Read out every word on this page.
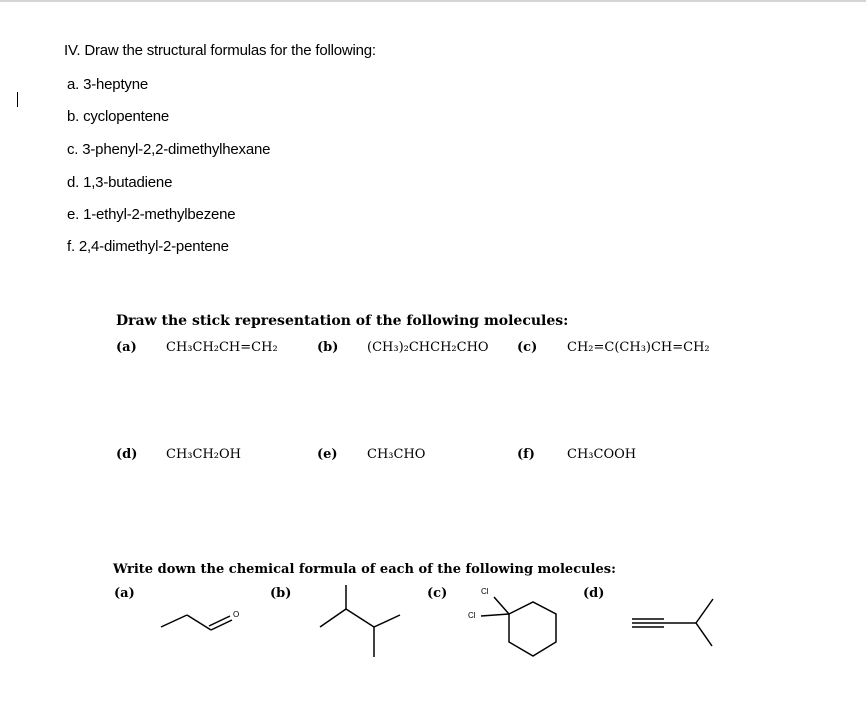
IV. Draw the structural formulas for the following:
a. 3-heptyne
b. cyclopentene
c. 3-phenyl-2,2-dimethylhexane
d. 1,3-butadiene
e. 1-ethyl-2-methylbezene
f. 2,4-dimethyl-2-pentene
Draw the stick representation of the following molecules:
(a) CH₃CH₂CH=CH₂	(b) (CH₃)₂CHCH₂CHO (c) CH₂=C(CH₃)CH=CH₂
(d) CH₃CH₂OH	(e) CH₃CHO	(f) CH₃COOH
Write down the chemical formula of each of the following molecules:
(a)	(b)	(c)	(d)
O
Cl
Cl
